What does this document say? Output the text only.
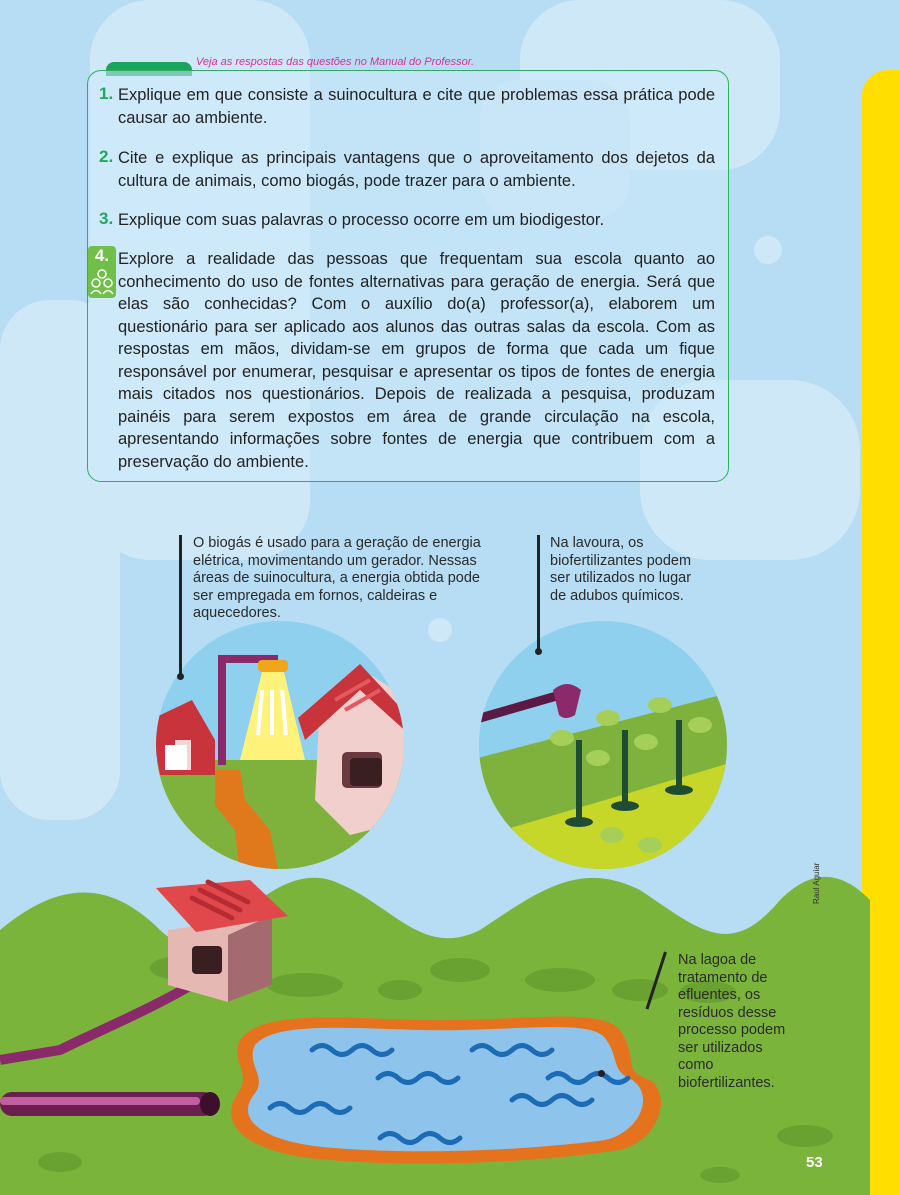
Veja as respostas das questões no Manual do Professor.
1. Explique em que consiste a suinocultura e cite que problemas essa prática pode causar ao ambiente.
2. Cite e explique as principais vantagens que o aproveitamento dos dejetos da cultura de animais, como biogás, pode trazer para o ambiente.
3. Explique com suas palavras o processo ocorre em um biodigestor.
4. Explore a realidade das pessoas que frequentam sua escola quanto ao conhecimento do uso de fontes alternativas para geração de energia. Será que elas são conhecidas? Com o auxílio do(a) professor(a), elaborem um questionário para ser aplicado aos alunos das outras salas da escola. Com as respostas em mãos, dividam-se em grupos de forma que cada um fique responsável por enumerar, pesquisar e apresentar os tipos de fontes de energia mais citados nos questionários. Depois de realizada a pesquisa, produzam painéis para serem expostos em área de grande circulação na escola, apresentando informações sobre fontes de energia que contribuem com a preservação do ambiente.
O biogás é usado para a geração de energia elétrica, movimentando um gerador. Nessas áreas de suinocultura, a energia obtida pode ser empregada em fornos, caldeiras e aquecedores.
Na lavoura, os biofertilizantes podem ser utilizados no lugar de adubos químicos.
Na lagoa de tratamento de efluentes, os resíduos desse processo podem ser utilizados como biofertilizantes.
Raul Aguiar
53
